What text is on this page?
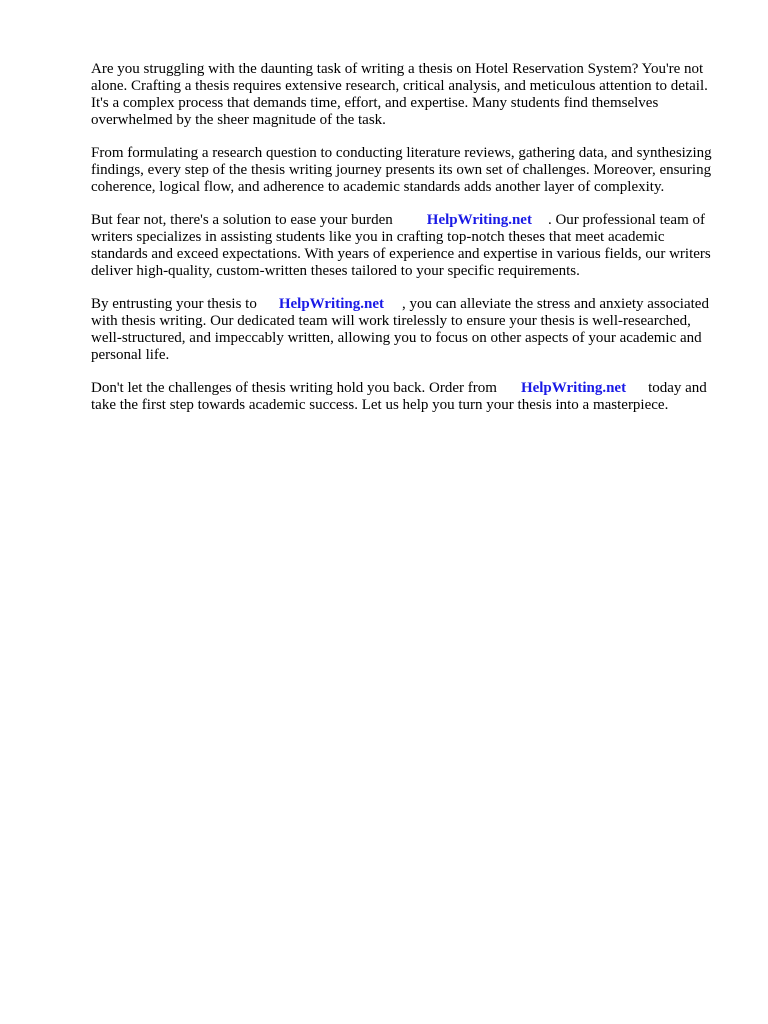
Are you struggling with the daunting task of writing a thesis on Hotel Reservation System? You're not alone. Crafting a thesis requires extensive research, critical analysis, and meticulous attention to detail. It's a complex process that demands time, effort, and expertise. Many students find themselves overwhelmed by the sheer magnitude of the task.

From formulating a research question to conducting literature reviews, gathering data, and synthesizing findings, every step of the thesis writing journey presents its own set of challenges. Moreover, ensuring coherence, logical flow, and adherence to academic standards adds another layer of complexity.

But fear not, there's a solution to ease your burden HelpWriting.net . Our professional team of writers specializes in assisting students like you in crafting top-notch theses that meet academic standards and exceed expectations. With years of experience and expertise in various fields, our writers deliver high-quality, custom-written theses tailored to your specific requirements.

By entrusting your thesis to HelpWriting.net , you can alleviate the stress and anxiety associated with thesis writing. Our dedicated team will work tirelessly to ensure your thesis is well-researched, well-structured, and impeccably written, allowing you to focus on other aspects of your academic and personal life.

Don't let the challenges of thesis writing hold you back. Order from HelpWriting.net today and take the first step towards academic success. Let us help you turn your thesis into a masterpiece.
